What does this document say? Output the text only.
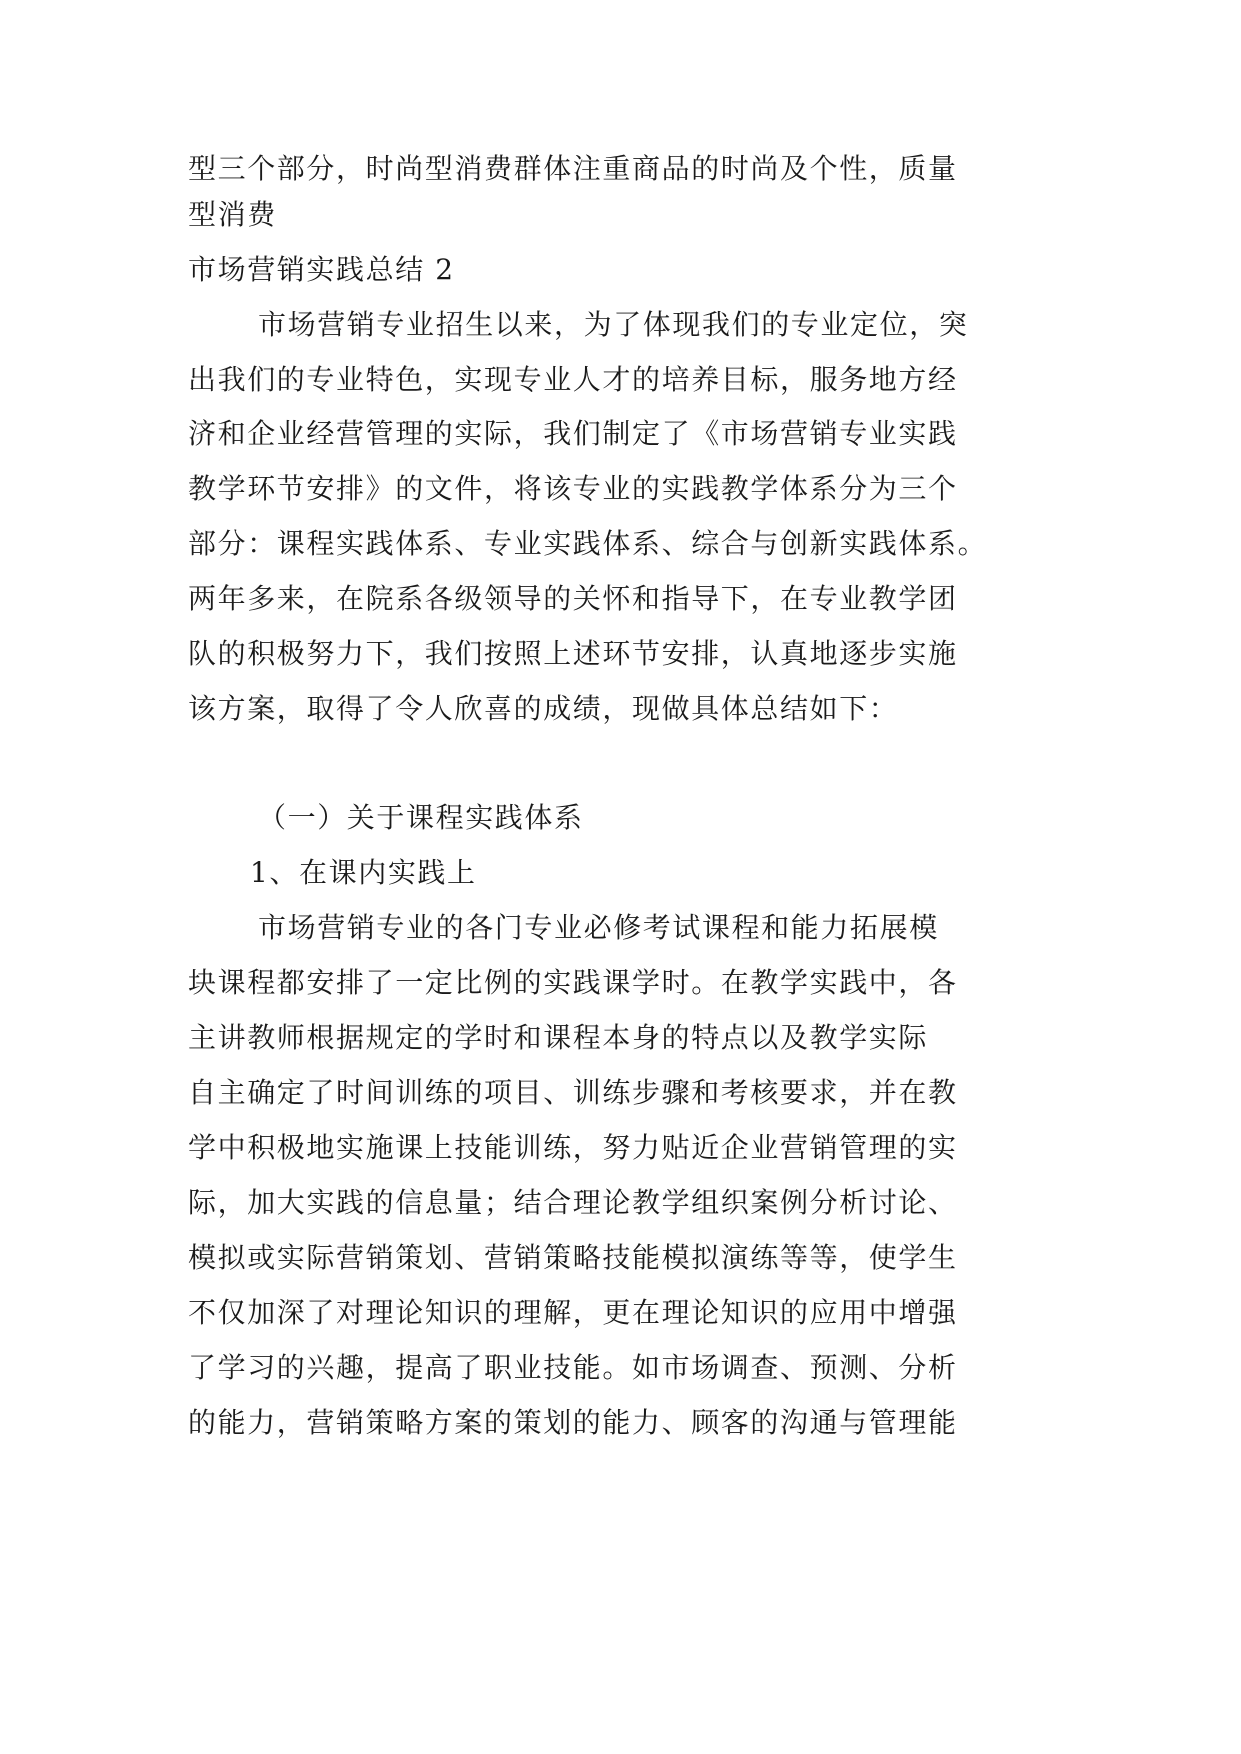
型三个部分，时尚型消费群体注重商品的时尚及个性，质量
型消费
市场营销实践总结 2
市场营销专业招生以来，为了体现我们的专业定位，突
出我们的专业特色，实现专业人才的培养目标，服务地方经
济和企业经营管理的实际，我们制定了《市场营销专业实践
教学环节安排》的文件，将该专业的实践教学体系分为三个
部分：课程实践体系、专业实践体系、综合与创新实践体系。
两年多来，在院系各级领导的关怀和指导下，在专业教学团
队的积极努力下，我们按照上述环节安排，认真地逐步实施
该方案，取得了令人欣喜的成绩，现做具体总结如下：
（一）关于课程实践体系
1、在课内实践上
市场营销专业的各门专业必修考试课程和能力拓展模
块课程都安排了一定比例的实践课学时。在教学实践中，各
主讲教师根据规定的学时和课程本身的特点以及教学实际
自主确定了时间训练的项目、训练步骤和考核要求，并在教
学中积极地实施课上技能训练，努力贴近企业营销管理的实
际，加大实践的信息量；结合理论教学组织案例分析讨论、
模拟或实际营销策划、营销策略技能模拟演练等等，使学生
不仅加深了对理论知识的理解，更在理论知识的应用中增强
了学习的兴趣，提高了职业技能。如市场调查、预测、分析
的能力，营销策略方案的策划的能力、顾客的沟通与管理能
